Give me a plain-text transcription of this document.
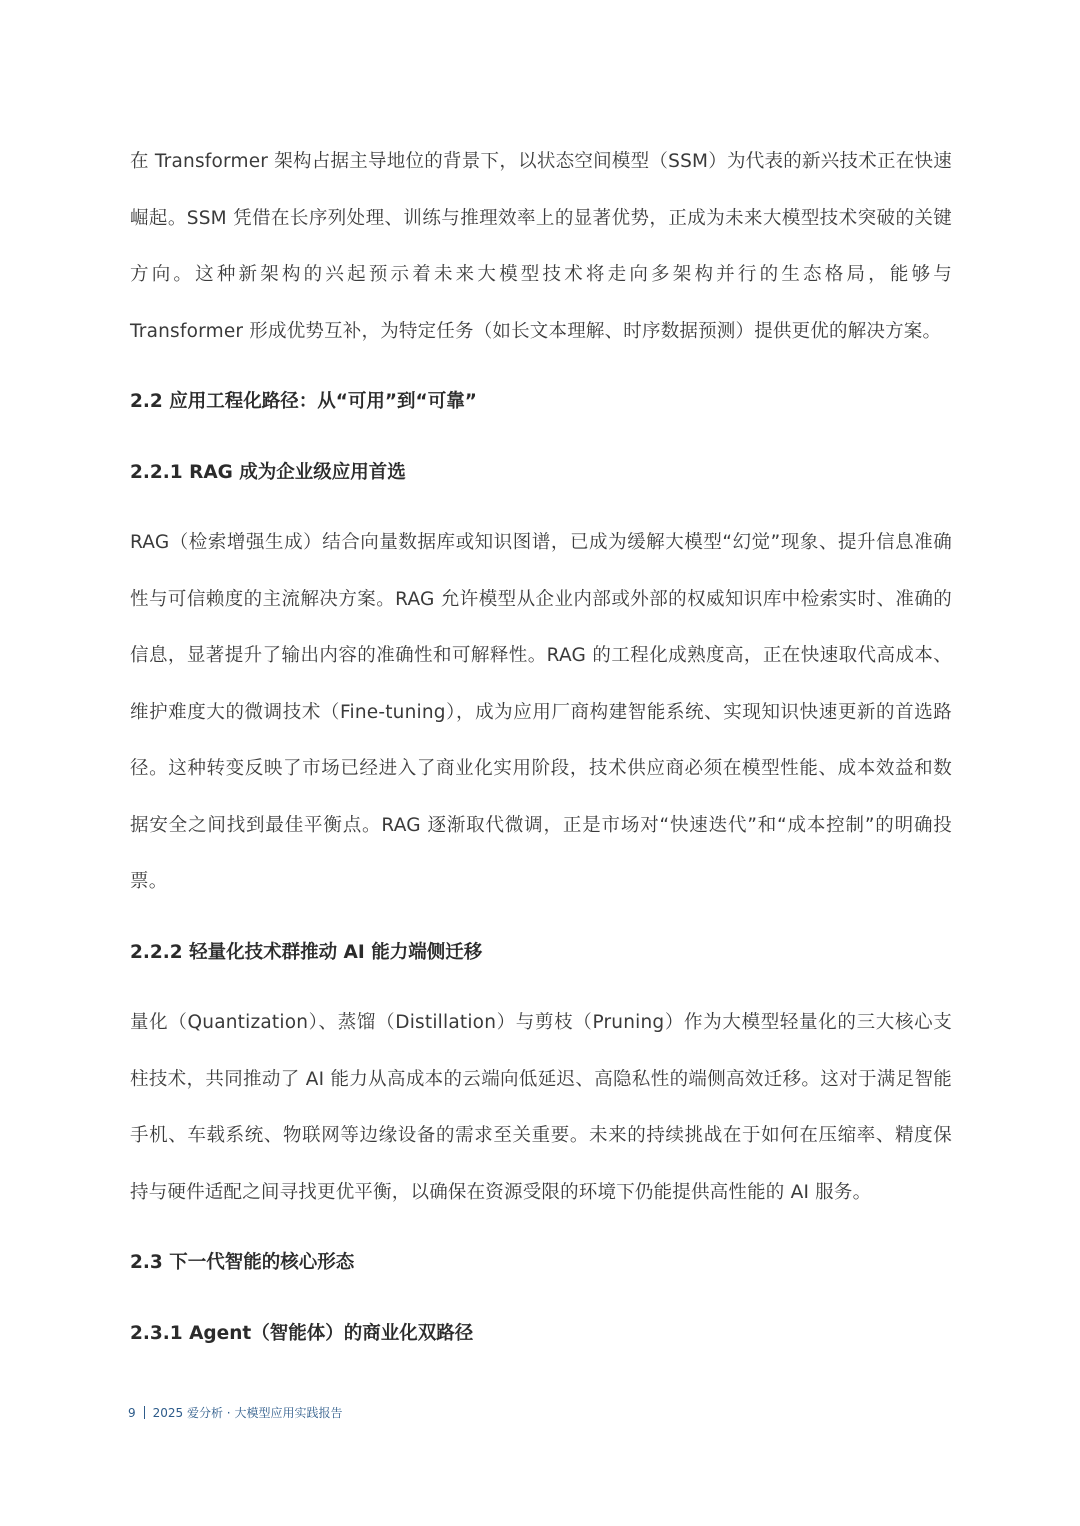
在 Transformer 架构占据主导地位的背景下，以状态空间模型（SSM）为代表的新兴技术正在快速崛起。SSM 凭借在长序列处理、训练与推理效率上的显著优势，正成为未来大模型技术突破的关键方向。这种新架构的兴起预示着未来大模型技术将走向多架构并行的生态格局，能够与 Transformer 形成优势互补，为特定任务（如长文本理解、时序数据预测）提供更优的解决方案。

2.2 应用工程化路径：从“可用”到“可靠”
2.2.1 RAG 成为企业级应用首选

RAG（检索增强生成）结合向量数据库或知识图谱，已成为缓解大模型“幻觉”现象、提升信息准确性与可信赖度的主流解决方案。RAG 允许模型从企业内部或外部的权威知识库中检索实时、准确的信息，显著提升了输出内容的准确性和可解释性。RAG 的工程化成熟度高，正在快速取代高成本、维护难度大的微调技术（Fine-tuning），成为应用厂商构建智能系统、实现知识快速更新的首选路径。这种转变反映了市场已经进入了商业化实用阶段，技术供应商必须在模型性能、成本效益和数据安全之间找到最佳平衡点。RAG 逐渐取代微调，正是市场对“快速迭代”和“成本控制”的明确投票。

2.2.2 轻量化技术群推动 AI 能力端侧迁移

量化（Quantization）、蒸馏（Distillation）与剪枝（Pruning）作为大模型轻量化的三大核心支柱技术，共同推动了 AI 能力从高成本的云端向低延迟、高隐私性的端侧高效迁移。这对于满足智能手机、车载系统、物联网等边缘设备的需求至关重要。未来的持续挑战在于如何在压缩率、精度保持与硬件适配之间寻找更优平衡，以确保在资源受限的环境下仍能提供高性能的 AI 服务。

2.3 下一代智能的核心形态
2.3.1 Agent（智能体）的商业化双路径
9 2025 爱分析 · 大模型应用实践报告
